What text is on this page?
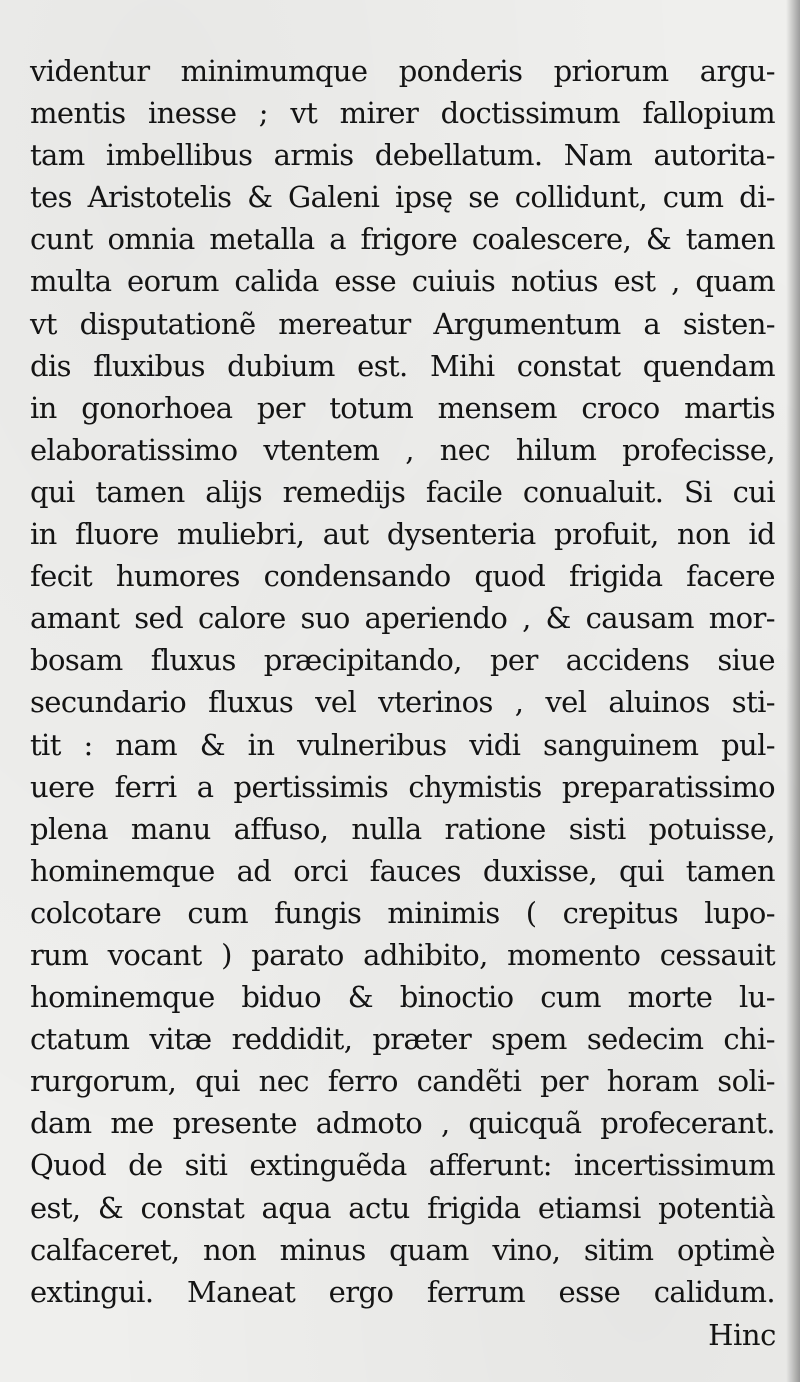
videntur minimumque ponderis priorum argu-
mentis inesse ; vt mirer doctissimum fallopium
tam imbellibus armis debellatum. Nam autorita-
tes Aristotelis & Galeni ipsę se collidunt, cum di-
cunt omnia metalla a frigore coalescere, & tamen
multa eorum calida esse cuiuis notius est , quam
vt disputationẽ mereatur Argumentum a sisten-
dis fluxibus dubium est. Mihi constat quendam
in gonorhoea per totum mensem croco martis
elaboratissimo vtentem , nec hilum profecisse,
qui tamen alijs remedijs facile conualuit. Si cui
in fluore muliebri, aut dysenteria profuit, non id
fecit humores condensando quod frigida facere
amant sed calore suo aperiendo , & causam mor-
bosam fluxus præcipitando, per accidens siue
secundario fluxus vel vterinos , vel aluinos sti-
tit : nam & in vulneribus vidi sanguinem pul-
uere ferri a pertissimis chymistis preparatissimo
plena manu affuso, nulla ratione sisti potuisse,
hominemque ad orci fauces duxisse, qui tamen
colcotare cum fungis minimis ( crepitus lupo-
rum vocant ) parato adhibito, momento cessauit
hominemque biduo & binoctio cum morte lu-
ctatum vitæ reddidit, præter spem sedecim chi-
rurgorum, qui nec ferro candẽti per horam soli-
dam me presente admoto , quicquã profecerant.
Quod de siti extinguẽda afferunt: incertissimum
est, & constat aqua actu frigida etiamsi potentià
calfaceret, non minus quam vino, sitim optimè
extingui. Maneat ergo ferrum esse calidum.
Hinc
